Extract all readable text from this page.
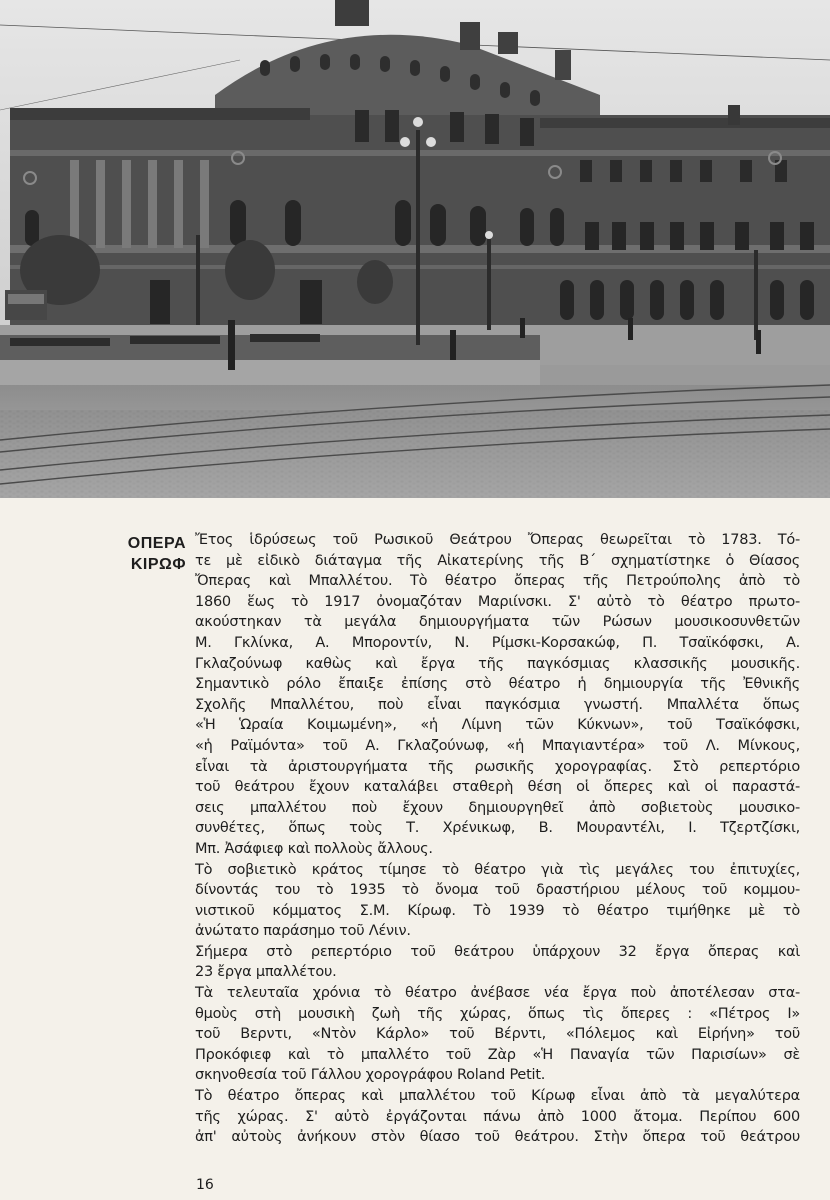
ΟΠΕΡΑ
ΚΙΡΩΦ
Ἔτος ἱδρύσεως τοῦ Ρωσικοῦ Θεάτρου Ὄπερας θεωρεῖται τὸ 1783. Τό-
τε μὲ εἰδικὸ διάταγμα τῆς Αἰκατερίνης τῆς Β΄ σχηματίστηκε ὁ Θίασος
Ὄπερας καὶ Μπαλλέτου. Τὸ θέατρο ὄπερας τῆς Πετρούπολης ἀπὸ τὸ
1860 ἕως τὸ 1917 ὀνομαζόταν Μαριίνσκι. Σ' αὐτὸ τὸ θέατρο πρωτο-
ακούστηκαν τὰ μεγάλα δημιουργήματα τῶν Ρώσων μουσικοσυνθετῶν
Μ. Γκλίνκα, Α. Μποροντίν, Ν. Ρίμσκι-Κορσακώφ, Π. Τσαϊκόφσκι, Α.
Γκλαζούνωφ καθὼς καὶ ἔργα τῆς παγκόσμιας κλασσικῆς μουσικῆς.
Σημαντικὸ ρόλο ἔπαιξε ἐπίσης στὸ θέατρο ἡ δημιουργία τῆς Ἐθνικῆς
Σχολῆς Μπαλλέτου, ποὺ εἶναι παγκόσμια γνωστή. Μπαλλέτα ὅπως
«Ἡ Ὡραία Κοιμωμένη», «ἡ Λίμνη τῶν Κύκνων», τοῦ Τσαϊκόφσκι,
«ἡ Ραϊμόντα» τοῦ Α. Γκλαζούνωφ, «ἡ Μπαγιαντέρα» τοῦ Λ. Μίνκους,
εἶναι τὰ ἀριστουργήματα τῆς ρωσικῆς χορογραφίας. Στὸ ρεπερτόριο
τοῦ θεάτρου ἔχουν καταλάβει σταθερὴ θέση οἱ ὄπερες καὶ οἱ παραστά-
σεις μπαλλέτου ποὺ ἔχουν δημιουργηθεῖ ἀπὸ σοβιετοὺς μουσικο-
συνθέτες, ὅπως τοὺς Τ. Χρένικωφ, Β. Μουραντέλι, Ι. Τζερτζίσκι,
Μπ. Ἀσάφιεφ καὶ πολλοὺς ἄλλους.
Τὸ σοβιετικὸ κράτος τίμησε τὸ θέατρο γιὰ τὶς μεγάλες του ἐπιτυχίες,
δίνοντάς του τὸ 1935 τὸ ὄνομα τοῦ δραστήριου μέλους τοῦ κομμου-
νιστικοῦ κόμματος Σ.Μ. Κίρωφ. Τὸ 1939 τὸ θέατρο τιμήθηκε μὲ τὸ
ἀνώτατο παράσημο τοῦ Λένιν.
Σήμερα στὸ ρεπερτόριο τοῦ θεάτρου ὑπάρχουν 32 ἔργα ὄπερας καὶ
23 ἔργα μπαλλέτου.
Τὰ τελευταῖα χρόνια τὸ θέατρο ἀνέβασε νέα ἔργα ποὺ ἀποτέλεσαν στα-
θμοὺς στὴ μουσικὴ ζωὴ τῆς χώρας, ὅπως τὶς ὄπερες : «Πέτρος Ι»
τοῦ Βερντι, «Ντὸν Κάρλο» τοῦ Βέρντι, «Πόλεμος καὶ Εἰρήνη» τοῦ
Προκόφιεφ καὶ τὸ μπαλλέτο τοῦ Ζὰρ «Ἡ Παναγία τῶν Παρισίων» σὲ
σκηνοθεσία τοῦ Γάλλου χορογράφου Roland Petit.
Τὸ θέατρο ὄπερας καὶ μπαλλέτου τοῦ Κίρωφ εἶναι ἀπὸ τὰ μεγαλύτερα
τῆς χώρας. Σ' αὐτὸ ἐργάζονται πάνω ἀπὸ 1000 ἄτομα. Περίπου 600
ἀπ' αὐτοὺς ἀνήκουν στὸν θίασο τοῦ θεάτρου. Στὴν ὄπερα τοῦ θεάτρου
16
